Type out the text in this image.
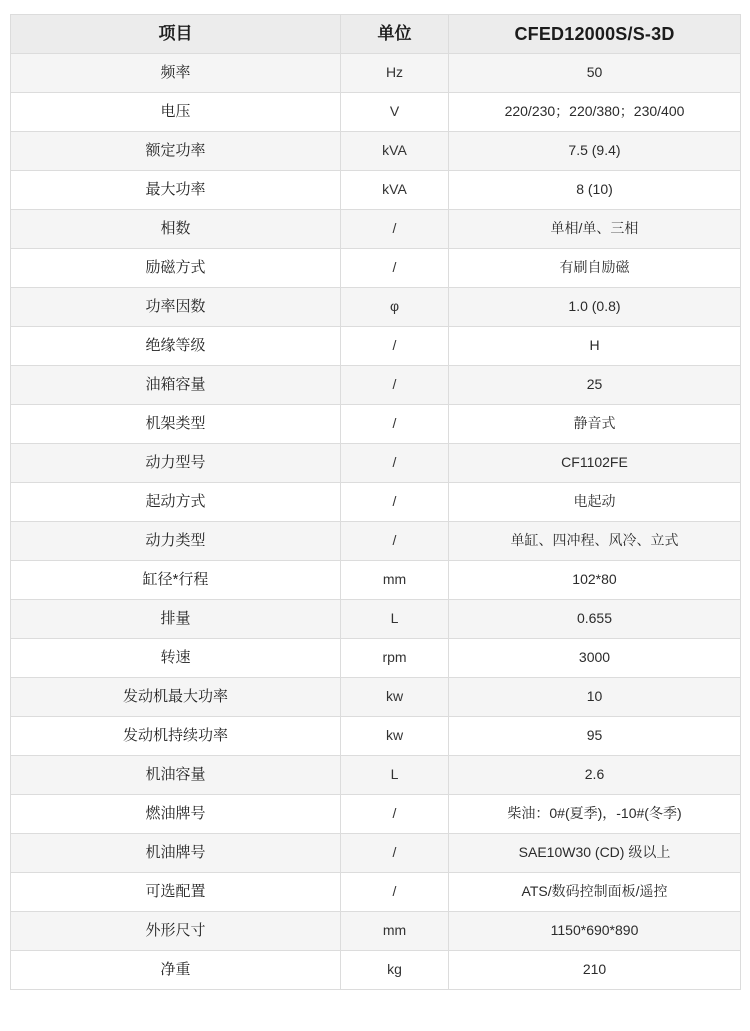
项目	单位	CFED12000S/S-3D
频率	Hz	50
电压	V	220/230；220/380；230/400
额定功率	kVA	7.5 (9.4)
最大功率	kVA	8 (10)
相数	/	单相/单、三相
励磁方式	/	有刷自励磁
功率因数	φ	1.0 (0.8)
绝缘等级	/	H
油箱容量	/	25
机架类型	/	静音式
动力型号	/	CF1102FE
起动方式	/	电起动
动力类型	/	单缸、四冲程、风冷、立式
缸径*行程	mm	102*80
排量	L	0.655
转速	rpm	3000
发动机最大功率	kw	10
发动机持续功率	kw	95
机油容量	L	2.6
燃油牌号	/	柴油：0#(夏季)，-10#(冬季)
机油牌号	/	SAE10W30 (CD) 级以上
可选配置	/	ATS/数码控制面板/遥控
外形尺寸	mm	1150*690*890
净重	kg	210
